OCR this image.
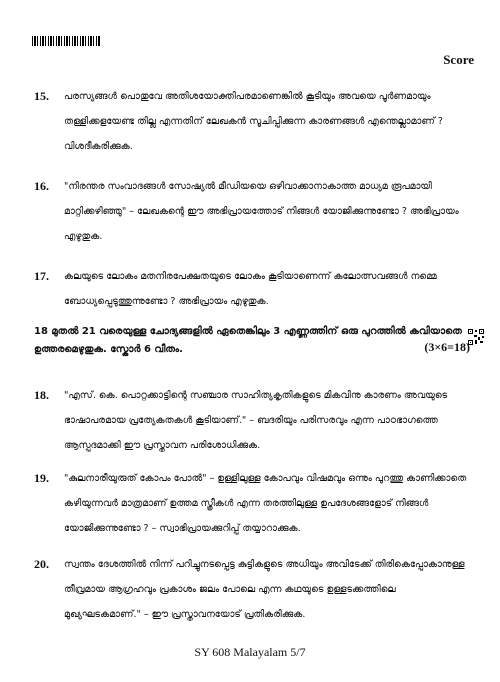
Score
15. പരസ്യങ്ങൾ പൊതുവേ അതിശയോക്തിപരമാണെങ്കിൽ കൂടിയും അവയെ പൂർണമായും തള്ളിക്കളയേണ്ട തില്ല എന്നതിന് ലേഖകൻ സൂചിപ്പിക്കുന്ന കാരണങ്ങൾ എന്തെല്ലാമാണ് ? വിശദീകരിക്കുക.
16. "നിരന്തര സംവാദങ്ങൾ സോഷ്യൽ മീഡിയയെ ഒഴിവാക്കാനാകാത്ത മാധ്യമ രൂപമായി മാറ്റിക്കഴിഞ്ഞു" – ലേഖകന്റെ ഈ അഭിപ്രായത്തോട് നിങ്ങൾ യോജിക്കുന്നുണ്ടോ ? അഭിപ്രായം എഴുതുക.
17. കലയുടെ ലോകം മതനിരപേക്ഷതയുടെ ലോകം കൂടിയാണെന്ന് കലോത്സവങ്ങൾ നമ്മെ ബോധ്യപ്പെടുത്തുന്നുണ്ടോ ? അഭിപ്രായം എഴുതുക.
18 മുതൽ 21 വരെയുള്ള ചോദ്യങ്ങളിൽ ഏതെങ്കിലും 3 എണ്ണത്തിന് ഒരു പുറത്തിൽ കവിയാതെ ഉത്തരമെഴുതുക. സ്കോർ 6 വീതം.	(3×6=18)
18. "എസ്. കെ. പൊറ്റക്കാട്ടിന്റെ സഞ്ചാര സാഹിത്യകൃതികളുടെ മികവിനു കാരണം അവയുടെ ഭാഷാപരമായ പ്രത്യേകതകൾ കൂടിയാണ്." – ബദരിയും പരിസരവും എന്ന പാഠഭാഗത്തെ ആസ്പദമാക്കി ഈ പ്രസ്താവന പരിശോധിക്കുക.
19. "കുലനാരീയുരുത് കോപം പോൽ" – ഉള്ളിലുള്ള കോപവും വിഷമവും ഒന്നും പുറത്തു കാണിക്കാതെ കഴിയുന്നവർ മാത്രമാണ് ഉത്തമ സ്ത്രീകൾ എന്ന തരത്തിലുള്ള ഉപദേശങ്ങളോട് നിങ്ങൾ യോജിക്കുന്നുണ്ടോ ? – സ്വാഭിപ്രായക്കുറിപ്പ് തയ്യാറാക്കുക.
20. സ്വന്തം ദേശത്തിൽ നിന്ന് പറിച്ചുനടപ്പെട്ട കുട്ടികളുടെ അധിയും അവിടേക്ക് തിരികെപ്പോകാനുള്ള തീവ്രമായ ആഗ്രഹവും പ്രകാശം ജലം പോലെ എന്ന കഥയുടെ ഉള്ളടക്കത്തിലെ മുഖ്യഘടകമാണ്." – ഈ പ്രസ്താവനയോട് പ്രതികരിക്കുക.
SY 608 Malayalam 5/7
